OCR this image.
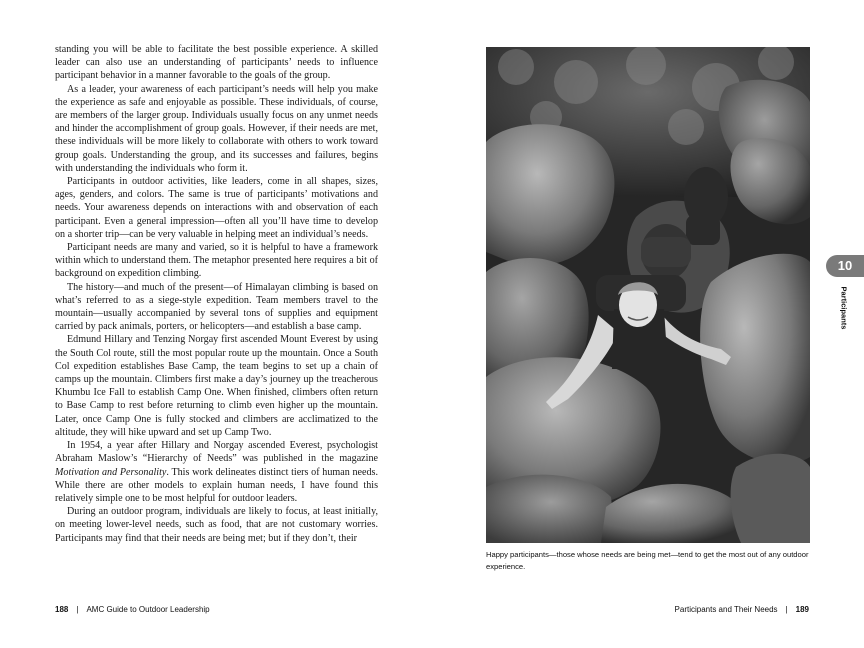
standing you will be able to facilitate the best possible experience. A skilled leader can also use an understanding of participants’ needs to influence participant behavior in a manner favorable to the goals of the group.

As a leader, your awareness of each participant’s needs will help you make the experience as safe and enjoyable as possible. These individuals, of course, are members of the larger group. Individuals usually focus on any unmet needs and hinder the accomplishment of group goals. However, if their needs are met, these individuals will be more likely to collaborate with others to work toward group goals. Understanding the group, and its successes and failures, begins with understanding the individuals who form it.

Participants in outdoor activities, like leaders, come in all shapes, sizes, ages, genders, and colors. The same is true of participants’ motivations and needs. Your awareness depends on interactions with and observation of each participant. Even a general impression—often all you’ll have time to develop on a shorter trip—can be very valuable in helping meet an individual’s needs.

Participant needs are many and varied, so it is helpful to have a framework within which to understand them. The metaphor presented here requires a bit of background on expedition climbing.

The history—and much of the present—of Himalayan climbing is based on what’s referred to as a siege-style expedition. Team members travel to the mountain—usually accompanied by several tons of supplies and equipment carried by pack animals, porters, or helicopters—and establish a base camp.

Edmund Hillary and Tenzing Norgay first ascended Mount Everest by using the South Col route, still the most popular route up the mountain. Once a South Col expedition establishes Base Camp, the team begins to set up a chain of camps up the mountain. Climbers first make a day’s journey up the treacherous Khumbu Ice Fall to establish Camp One. When finished, climbers often return to Base Camp to rest before returning to climb even higher up the mountain. Later, once Camp One is fully stocked and climbers are acclimatized to the altitude, they will hike upward and set up Camp Two.

In 1954, a year after Hillary and Norgay ascended Everest, psychologist Abraham Maslow’s “Hierarchy of Needs” was published in the magazine Motivation and Personality. This work delineates distinct tiers of human needs. While there are other models to explain human needs, I have found this relatively simple one to be most helpful for outdoor leaders.

During an outdoor program, individuals are likely to focus, at least initially, on meeting lower-level needs, such as food, that are not customary worries. Participants may find that their needs are being met; but if they don’t, their

Happy participants—those whose needs are being met—tend to get the most out of any outdoor experience.
188 | AMC Guide to Outdoor Leadership	Participants and Their Needs | 189
10
Participants
